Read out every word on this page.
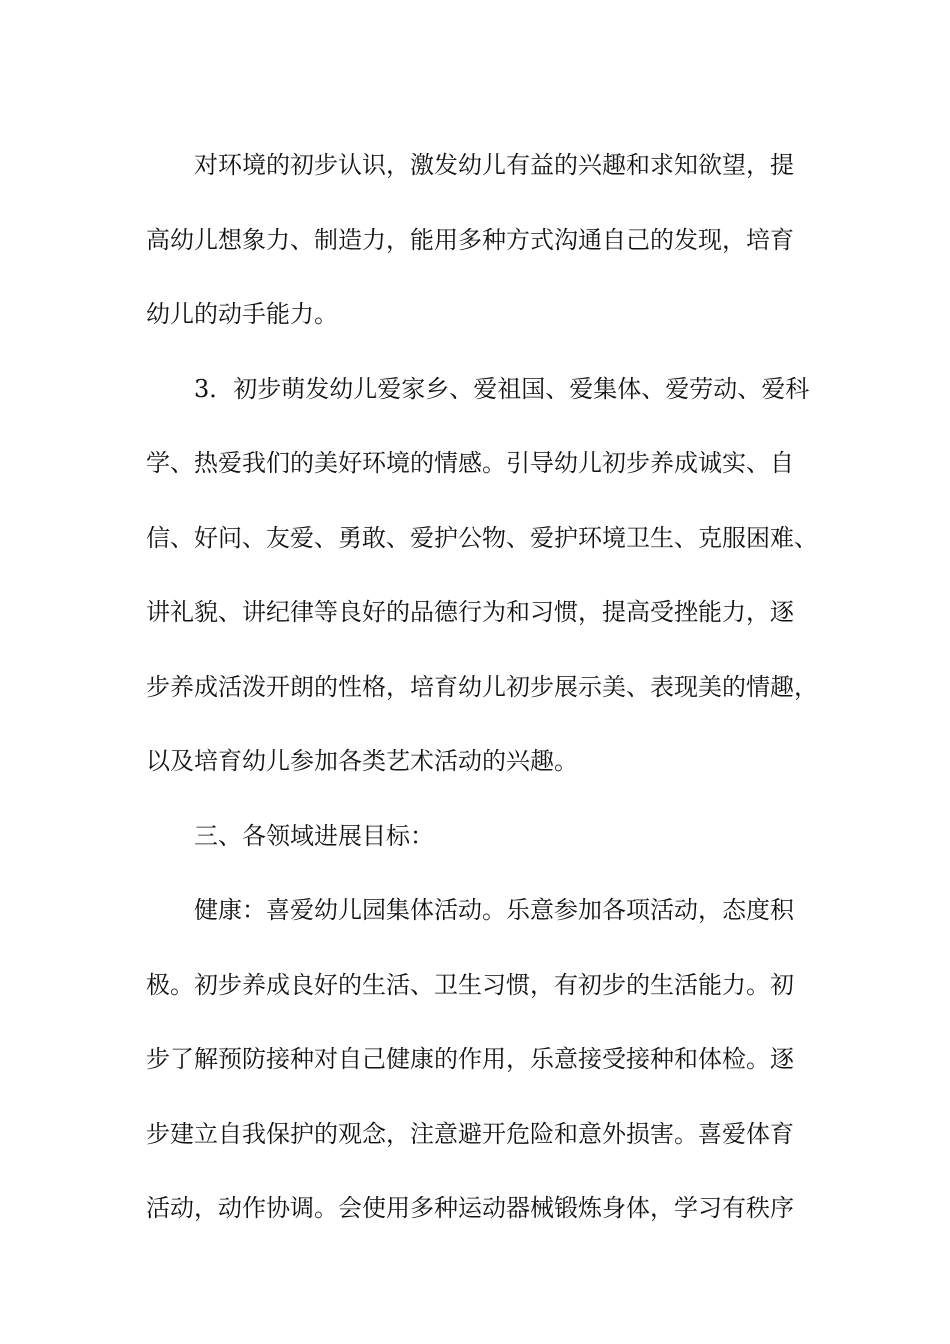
对环境的初步认识，激发幼儿有益的兴趣和求知欲望，提

高幼儿想象力、制造力，能用多种方式沟通自己的发现，培育

幼儿的动手能力。

3．初步萌发幼儿爱家乡、爱祖国、爱集体、爱劳动、爱科

学、热爱我们的美好环境的情感。引导幼儿初步养成诚实、自

信、好问、友爱、勇敢、爱护公物、爱护环境卫生、克服困难、

讲礼貌、讲纪律等良好的品德行为和习惯，提高受挫能力，逐

步养成活泼开朗的性格，培育幼儿初步展示美、表现美的情趣，

以及培育幼儿参加各类艺术活动的兴趣。

三、各领域进展目标：

健康：喜爱幼儿园集体活动。乐意参加各项活动，态度积

极。初步养成良好的生活、卫生习惯，有初步的生活能力。初

步了解预防接种对自己健康的作用，乐意接受接种和体检。逐

步建立自我保护的观念，注意避开危险和意外损害。喜爱体育

活动，动作协调。会使用多种运动器械锻炼身体，学习有秩序
